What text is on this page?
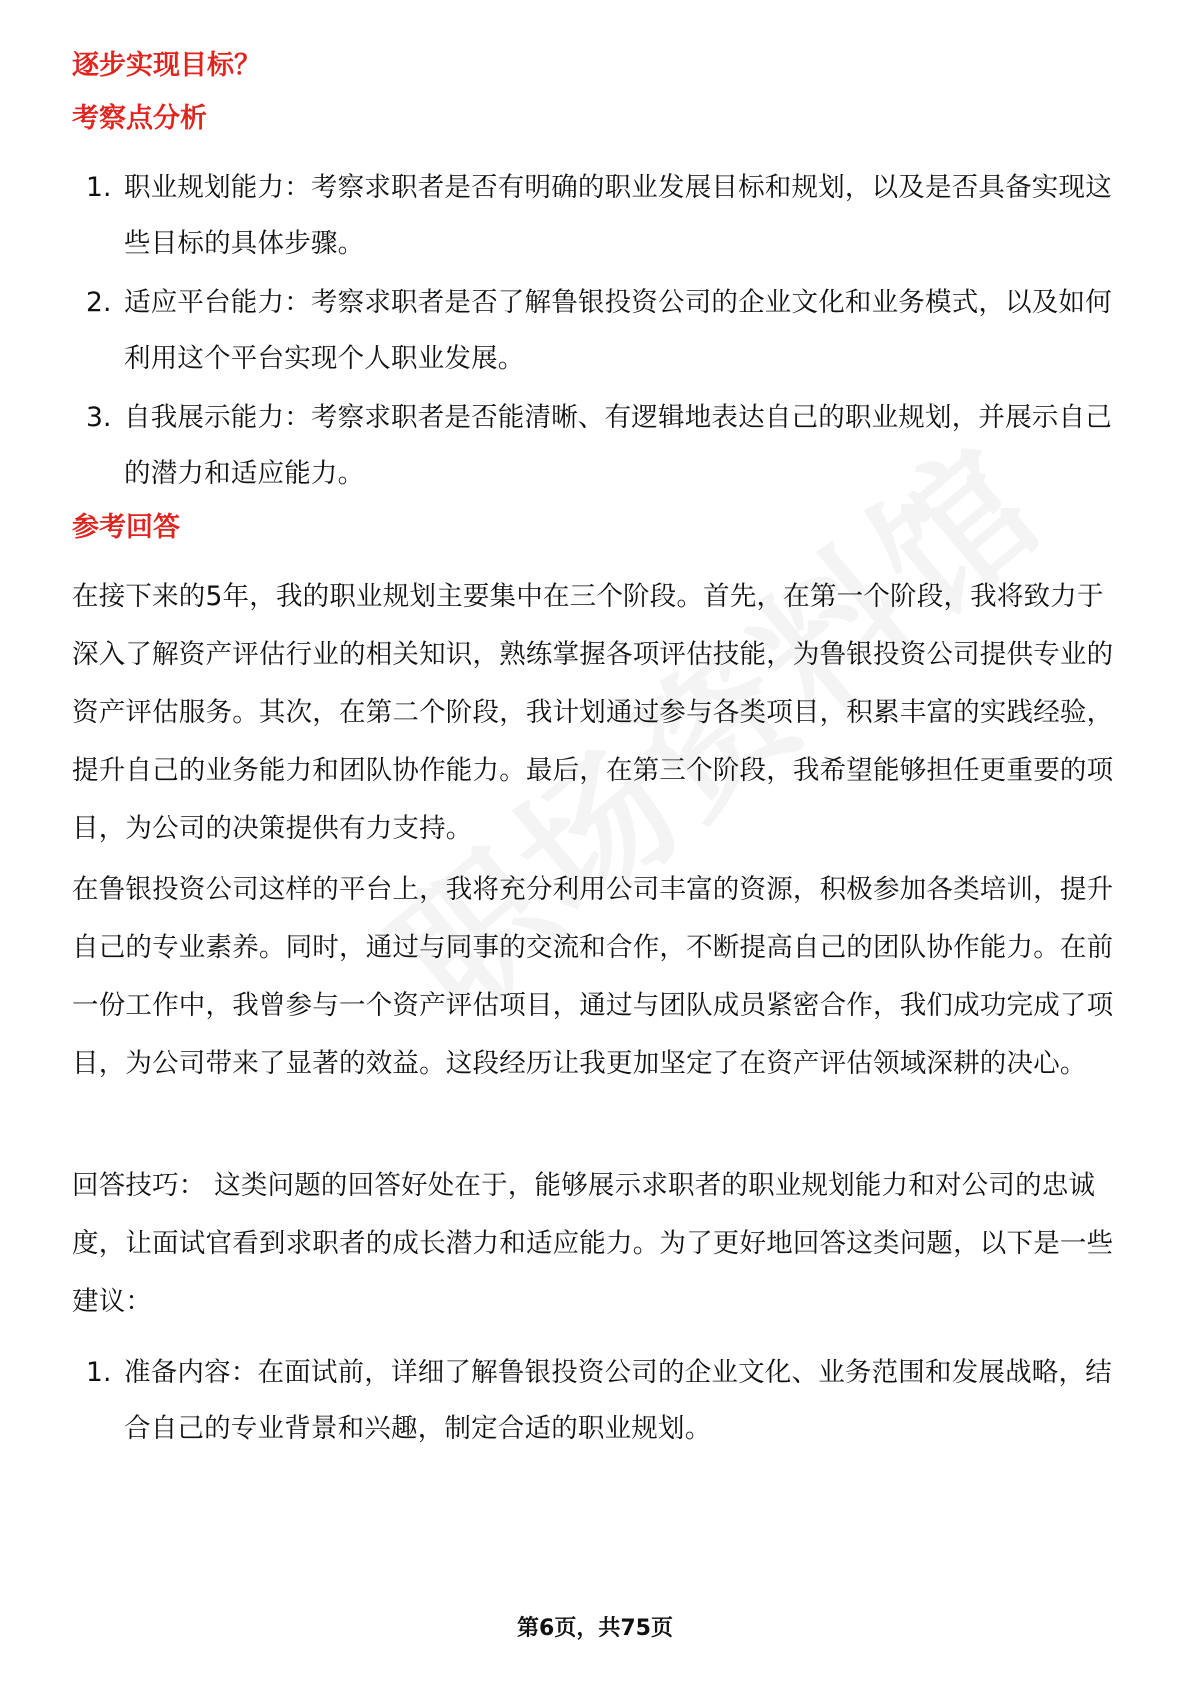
逐步实现目标？
考察点分析
1. 职业规划能力：考察求职者是否有明确的职业发展目标和规划，以及是否具备实现这些目标的具体步骤。
2. 适应平台能力：考察求职者是否了解鲁银投资公司的企业文化和业务模式，以及如何利用这个平台实现个人职业发展。
3. 自我展示能力：考察求职者是否能清晰、有逻辑地表达自己的职业规划，并展示自己的潜力和适应能力。
参考回答

在接下来的5年，我的职业规划主要集中在三个阶段。首先，在第一个阶段，我将致力于深入了解资产评估行业的相关知识，熟练掌握各项评估技能，为鲁银投资公司提供专业的资产评估服务。其次，在第二个阶段，我计划通过参与各类项目，积累丰富的实践经验，提升自己的业务能力和团队协作能力。最后，在第三个阶段，我希望能够担任更重要的项目，为公司的决策提供有力支持。

在鲁银投资公司这样的平台上，我将充分利用公司丰富的资源，积极参加各类培训，提升自己的专业素养。同时，通过与同事的交流和合作，不断提高自己的团队协作能力。在前一份工作中，我曾参与一个资产评估项目，通过与团队成员紧密合作，我们成功完成了项目，为公司带来了显著的效益。这段经历让我更加坚定了在资产评估领域深耕的决心。

回答技巧： 这类问题的回答好处在于，能够展示求职者的职业规划能力和对公司的忠诚度，让面试官看到求职者的成长潜力和适应能力。为了更好地回答这类问题，以下是一些建议：

1. 准备内容：在面试前，详细了解鲁银投资公司的企业文化、业务范围和发展战略，结合自己的专业背景和兴趣，制定合适的职业规划。
第6页，共75页
